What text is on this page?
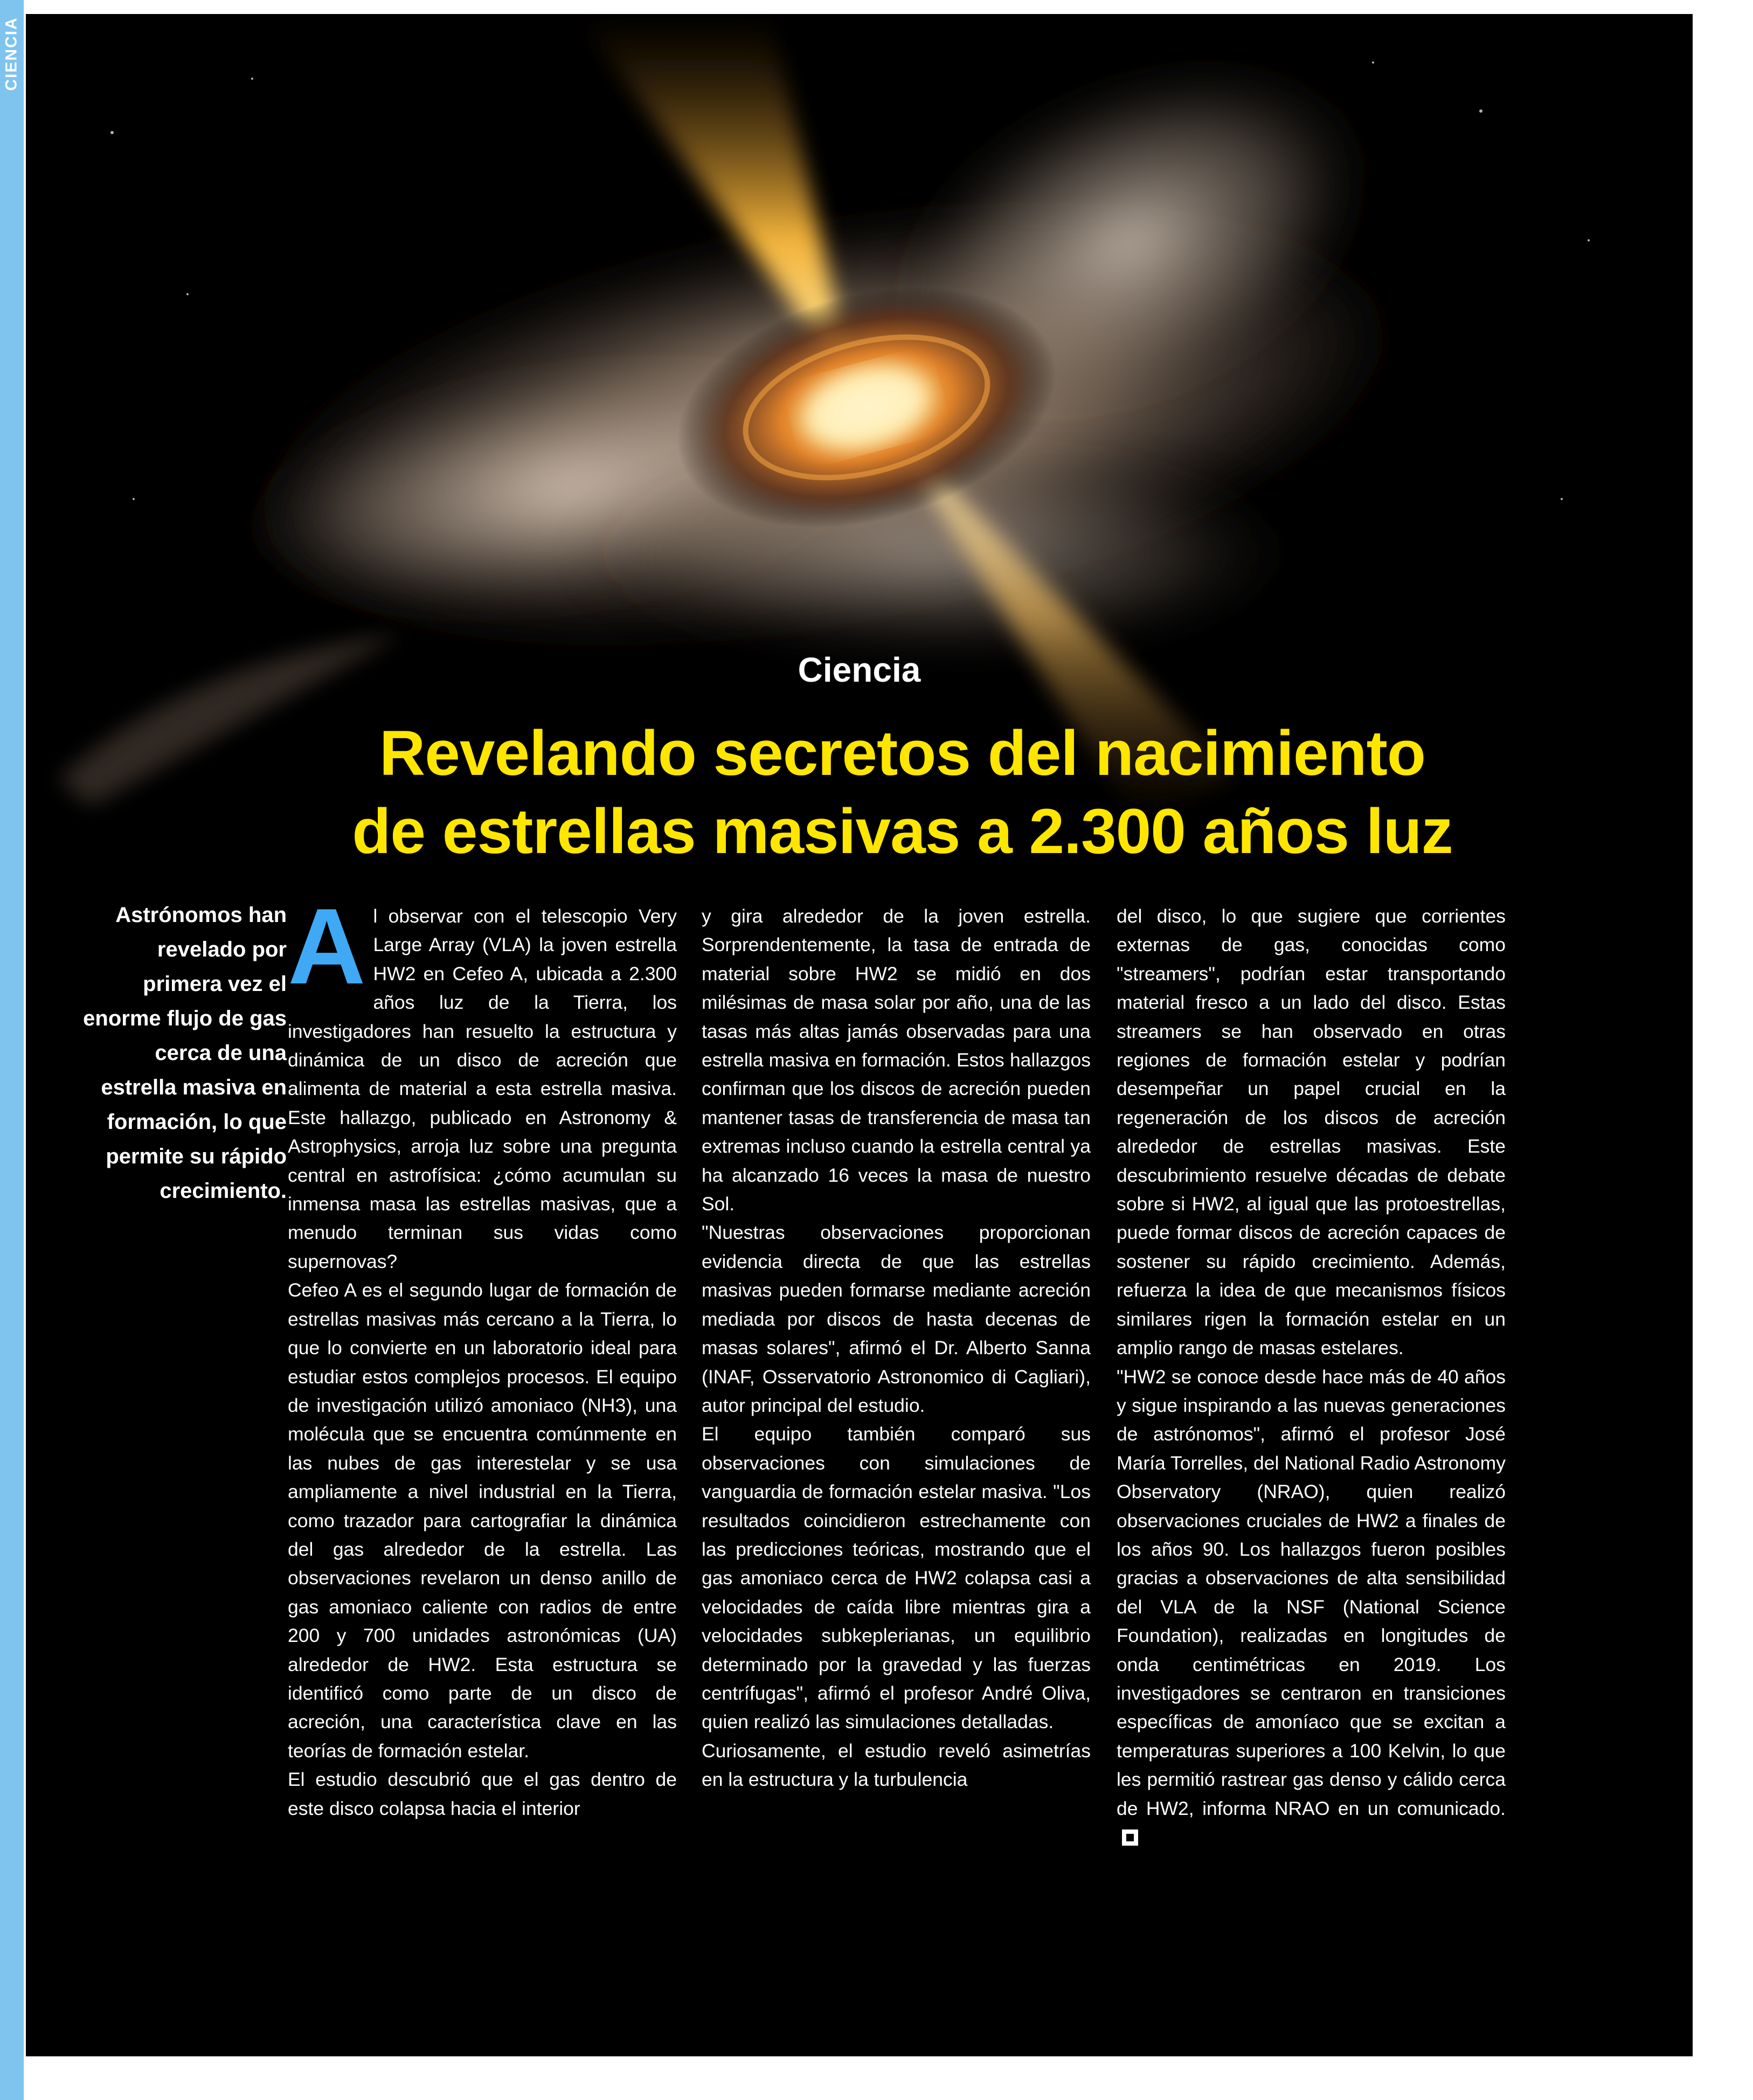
CIENCIA
Ciencia
Revelando secretos del nacimiento
de estrellas masivas a 2.300 años luz
Astrónomos han revelado por primera vez el enorme flujo de gas cerca de una estrella masiva en formación, lo que permite su rápido crecimiento.
A l observar con el telescopio Very Large Array (VLA) la joven estrella HW2 en Cefeo A, ubicada a 2.300 años luz de la Tierra, los investigadores han resuelto la estructura y dinámica de un disco de acreción que alimenta de material a esta estrella masiva. Este hallazgo, publicado en Astronomy & Astrophysics, arroja luz sobre una pregunta central en astrofísica: ¿cómo acumulan su inmensa masa las estrellas masivas, que a menudo terminan sus vidas como supernovas?

Cefeo A es el segundo lugar de formación de estrellas masivas más cercano a la Tierra, lo que lo convierte en un laboratorio ideal para estudiar estos complejos procesos. El equipo de investigación utilizó amoniaco (NH3), una molécula que se encuentra comúnmente en las nubes de gas interestelar y se usa ampliamente a nivel industrial en la Tierra, como trazador para cartografiar la dinámica del gas alrededor de la estrella. Las observaciones revelaron un denso anillo de gas amoniaco caliente con radios de entre 200 y 700 unidades astronómicas (UA) alrededor de HW2. Esta estructura se identificó como parte de un disco de acreción, una característica clave en las teorías de formación estelar.

El estudio descubrió que el gas dentro de este disco colapsa hacia el interior

y gira alrededor de la joven estrella. Sorprendentemente, la tasa de entrada de material sobre HW2 se midió en dos milésimas de masa solar por año, una de las tasas más altas jamás observadas para una estrella masiva en formación. Estos hallazgos confirman que los discos de acreción pueden mantener tasas de transferencia de masa tan extremas incluso cuando la estrella central ya ha alcanzado 16 veces la masa de nuestro Sol.

"Nuestras observaciones proporcionan evidencia directa de que las estrellas masivas pueden formarse mediante acreción mediada por discos de hasta decenas de masas solares", afirmó el Dr. Alberto Sanna (INAF, Osservatorio Astronomico di Cagliari), autor principal del estudio.

El equipo también comparó sus observaciones con simulaciones de vanguardia de formación estelar masiva. "Los resultados coincidieron estrechamente con las predicciones teóricas, mostrando que el gas amoniaco cerca de HW2 colapsa casi a velocidades de caída libre mientras gira a velocidades subkeplerianas, un equilibrio determinado por la gravedad y las fuerzas centrífugas", afirmó el profesor André Oliva, quien realizó las simulaciones detalladas.

Curiosamente, el estudio reveló asimetrías en la estructura y la turbulencia

del disco, lo que sugiere que corrientes externas de gas, conocidas como "streamers", podrían estar transportando material fresco a un lado del disco. Estas streamers se han observado en otras regiones de formación estelar y podrían desempeñar un papel crucial en la regeneración de los discos de acreción alrededor de estrellas masivas. Este descubrimiento resuelve décadas de debate sobre si HW2, al igual que las protoestrellas, puede formar discos de acreción capaces de sostener su rápido crecimiento. Además, refuerza la idea de que mecanismos físicos similares rigen la formación estelar en un amplio rango de masas estelares.

"HW2 se conoce desde hace más de 40 años y sigue inspirando a las nuevas generaciones de astrónomos", afirmó el profesor José María Torrelles, del National Radio Astronomy Observatory (NRAO), quien realizó observaciones cruciales de HW2 a finales de los años 90. Los hallazgos fueron posibles gracias a observaciones de alta sensibilidad del VLA de la NSF (National Science Foundation), realizadas en longitudes de onda centimétricas en 2019. Los investigadores se centraron en transiciones específicas de amoníaco que se excitan a temperaturas superiores a 100 Kelvin, lo que les permitió rastrear gas denso y cálido cerca de HW2, informa NRAO en un comunicado.
